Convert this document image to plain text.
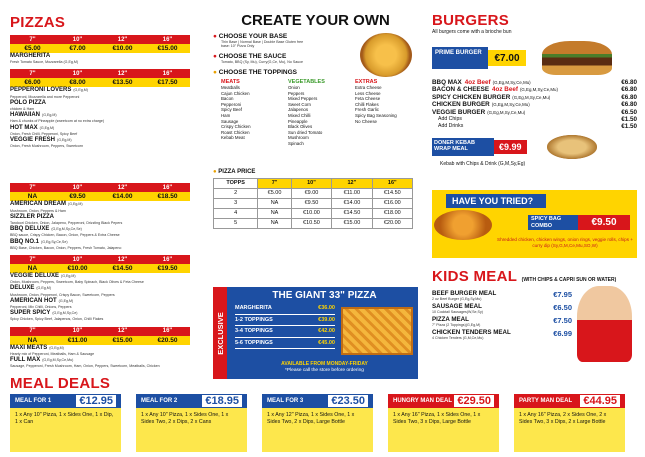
PIZZAS
7"	10"	12"	16"
€5.00	€7.00	€10.00	€15.00
MARGHERITA
Fresh Tomato Sauce, Mozzarella (G,Eg,M)
7"	10"	12"	16"
€6.00	€8.00	€13.50	€17.50
PEPPERONI LOVERS (G,Eg,M)
Pepperoni, Mozzarella and more Pepperoni
POLO PIZZA
chicken & Ham
HAWAIIAN (G,Eg,M)
Ham & chunks of Pineapple (sweetcorn at no extra charge)
HOT MAX (G,Eg,M)
Onion, Fresh Chilli, Pepperoni, Spicy Beef
VEGGIE FRESH (G,Eg,M)
Onion, Fresh Mushroom, Peppers, Sweetcorn
7"	10"	12"	16"
NA	€9.50	€14.00	€18.50
AMERICAN DREAM (G,Eg,M)
Mushroom, Onion, Peppers & Ham
SIZZLER PIZZA
Tandoori Chicken, Onion, Jalapeno, Pepperoni, Drizzling Black Pepers
BBQ DELUXE (G,Eg,M,Sy,Ce,Se)
BBQ sauce, Crispy Chicken, Bacon, Onion, Peppers & Extra Cheese
BBQ NO.1 (G,Eg,Sy,Ce,Se)
BBQ Base, Chicken, Bacon, Onion, Peppers, Fresh Tomato, Jalapeno
7"	10"	12"	16"
NA	€10.00	€14.50	€19.50
VEGGIE DELUXE (G,Eg,M)
Onion, Mushroom, Peppers, Sweetcorn, Baby Spinach, Black Olives & Feta Cheese
DELUXE (G,Eg,M)
Mushroom, Onion, Pepperoni, Crispy Bacon, Sweetcorn, Peppers
AMERICAN HOT (G,Eg,M)
Pepperoni, Mix Chilli, Onions, Peppers
SUPER SPICY (G,Eg,M,Sy,Ce)
Spicy Chicken, Spicy Beef, Jalapenos, Onion, Chilli Flakes
7"	10"	12"	16"
NA	€11.00	€15.00	€20.50
MAXI MEATS (G,Eg,M)
Hearty mix of Pepperoni, Meatballs, Ham & Sausage
FULL MAX (G,Eg,M,Sy,Ce,Mu)
Sausage, Pepperoni, Fresh Mushroom, Ham, Onion, Peppers, Sweetcorn, Meatballs, Chicken
CREATE YOUR OWN
● CHOOSE YOUR BASE
Thin Base | Normal Base | Double Base Gluten free base: 10" Pizza Only
● CHOOSE THE SAUCE
Tomato, BBQ (Sy, Mu), Curry(G,Ce, Mu), No Sauce
● CHOOSE THE TOPPINGS
MEATS
Meatballs
Cajun Chicken
Bacon
Pepperoni
Spicy Beef
Ham
Sausage
Crispy Chicken
Roast Chicken
Kebab Meat
VEGETABLES
Onion
Peppers
Mixed Peppers
Sweet Corn
Jalapenos
Mixed Chilli
Pineapple
Black Olives
Sun dried Tomato
Mushroom
Spinach
EXTRAS
Extra Cheese
Less Cheese
Feta Cheese
Chilli Flakes
Fresh Garlic
Spicy Bag Seasoning
No Cheese
● PIZZA PRICE
TOPPS	7"	10"	12"	16"
2	€5.00	€9.00	€11.00	€14.50
3	NA	€9.50	€14.00	€16.00
4	NA	€10.00	€14.50	€18.00
5	NA	€10.50	€15.00	€20.00
EXCLUSIVE
THE GIANT 33" PIZZA
MARGHERITA	€36.00
1-2 TOPPINGS	€39.00
3-4 TOPPINGS	€42.00
5-6 TOPPINGS	€45.00
AVAILABLE FROM MONDAY-FRIDAY
*Please call the store before ordering
BURGERS
All burgers come with a brioche bun
PRIME BURGER	€7.00
BBQ MAX 4oz Beef (G,Eg,M,Sy,Ce,Mu)	€6.80
BACON & CHEESE 4oz Beef (G,Eg,M,Sy,Ce,Mu)	€6.80
SPICY CHICKEN BURGER (G,Eg,M,Sy,Ce,Mu)	€6.80
CHICKEN BURGER (G,Eg,M,Sy,Ce,Mu)	€6.80
VEGGIE BURGER (G,Eg,M,Sy,Ce,Mu)	€6.50
Add Chips	€1.50
Add Drinks	€1.50
DONER KEBAB WRAP MEAL	€9.99
Kebab with Chips & Drink (G,M,Sy,Eg)
HAVE YOU TRIED?
SPICY BAG COMBO	€9.50
Shredded chicken, chicken wings, onion rings, veggie rolls, chips + curry dip (Sy,G,M,Ce,Mu,SO,W)
KIDS MEAL (WITH CHIPS & CAPRI SUN OR WATER)
BEEF BURGER MEAL
2 oz Beef Burger (G,Eg,Sy,Mu)	€7.95
SAUSAGE MEAL
10 Cocktail Sausages(W,Se,Sy)	€6.50
PIZZA MEAL
7" Pizza (2 Toppings)(G,Eg,M)	€7.50
CHICKEN TENDERS MEAL
4 Chicken Tenders (G,M,Ce,Mu)	€6.99
MEAL DEALS
MEAL FOR 1	€12.95
1 x Any 10" Pizza, 1 x Sides One, 1 x Dip, 1 x Can
MEAL FOR 2	€18.95
1 x Any 10" Pizza, 1 x Sides One, 1 x Sides Two, 2 x Dips, 2 x Cans
MEAL FOR 3	€23.50
1 x Any 12" Pizza, 1 x Sides One, 1 x Sides Two, 2 x Dips, Large Bottle
HUNGRY MAN DEAL €29.50
1 x Any 16" Pizza, 1 x Sides One, 1 x Sides Two, 3 x Dips, Large Bottle
PARTY MAN DEAL €44.95
1 x Any 16" Pizza, 2 x Sides One, 2 x Sides Two, 3 x Dips, 2 x Large Bottle
